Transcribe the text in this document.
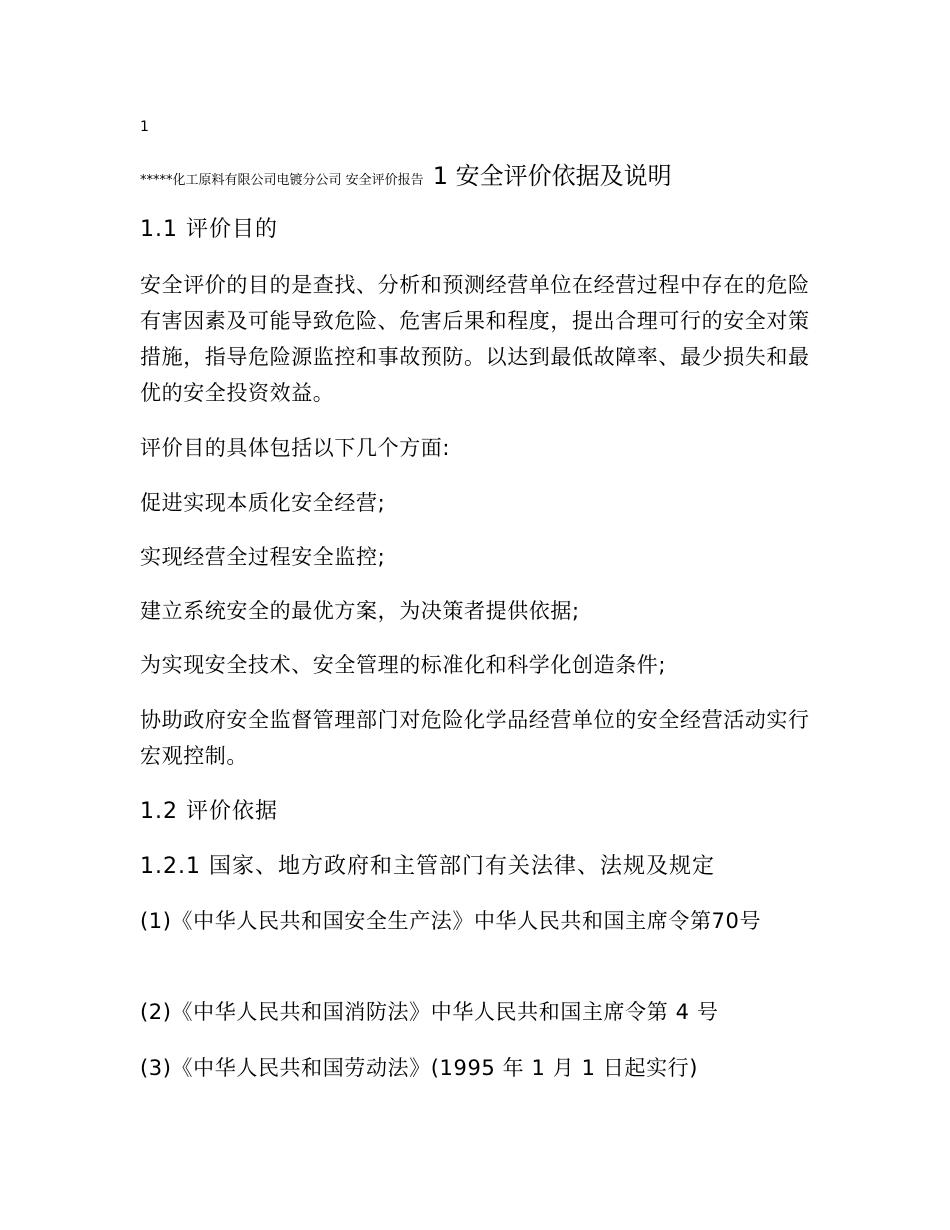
1
*****化工原料有限公司电镀分公司 安全评价报告 1 安全评价依据及说明

1.1 评价目的

安全评价的目的是查找、分析和预测经营单位在经营过程中存在的危险有害因素及可能导致危险、危害后果和程度，提出合理可行的安全对策措施，指导危险源监控和事故预防。以达到最低故障率、最少损失和最优的安全投资效益。

评价目的具体包括以下几个方面:

促进实现本质化安全经营;

实现经营全过程安全监控;

建立系统安全的最优方案，为决策者提供依据;

为实现安全技术、安全管理的标准化和科学化创造条件;

协助政府安全监督管理部门对危险化学品经营单位的安全经营活动实行宏观控制。

1.2 评价依据

1.2.1 国家、地方政府和主管部门有关法律、法规及规定

(1)《中华人民共和国安全生产法》中华人民共和国主席令第70号

(2)《中华人民共和国消防法》中华人民共和国主席令第 4 号

(3)《中华人民共和国劳动法》(1995 年 1 月 1 日起实行)
